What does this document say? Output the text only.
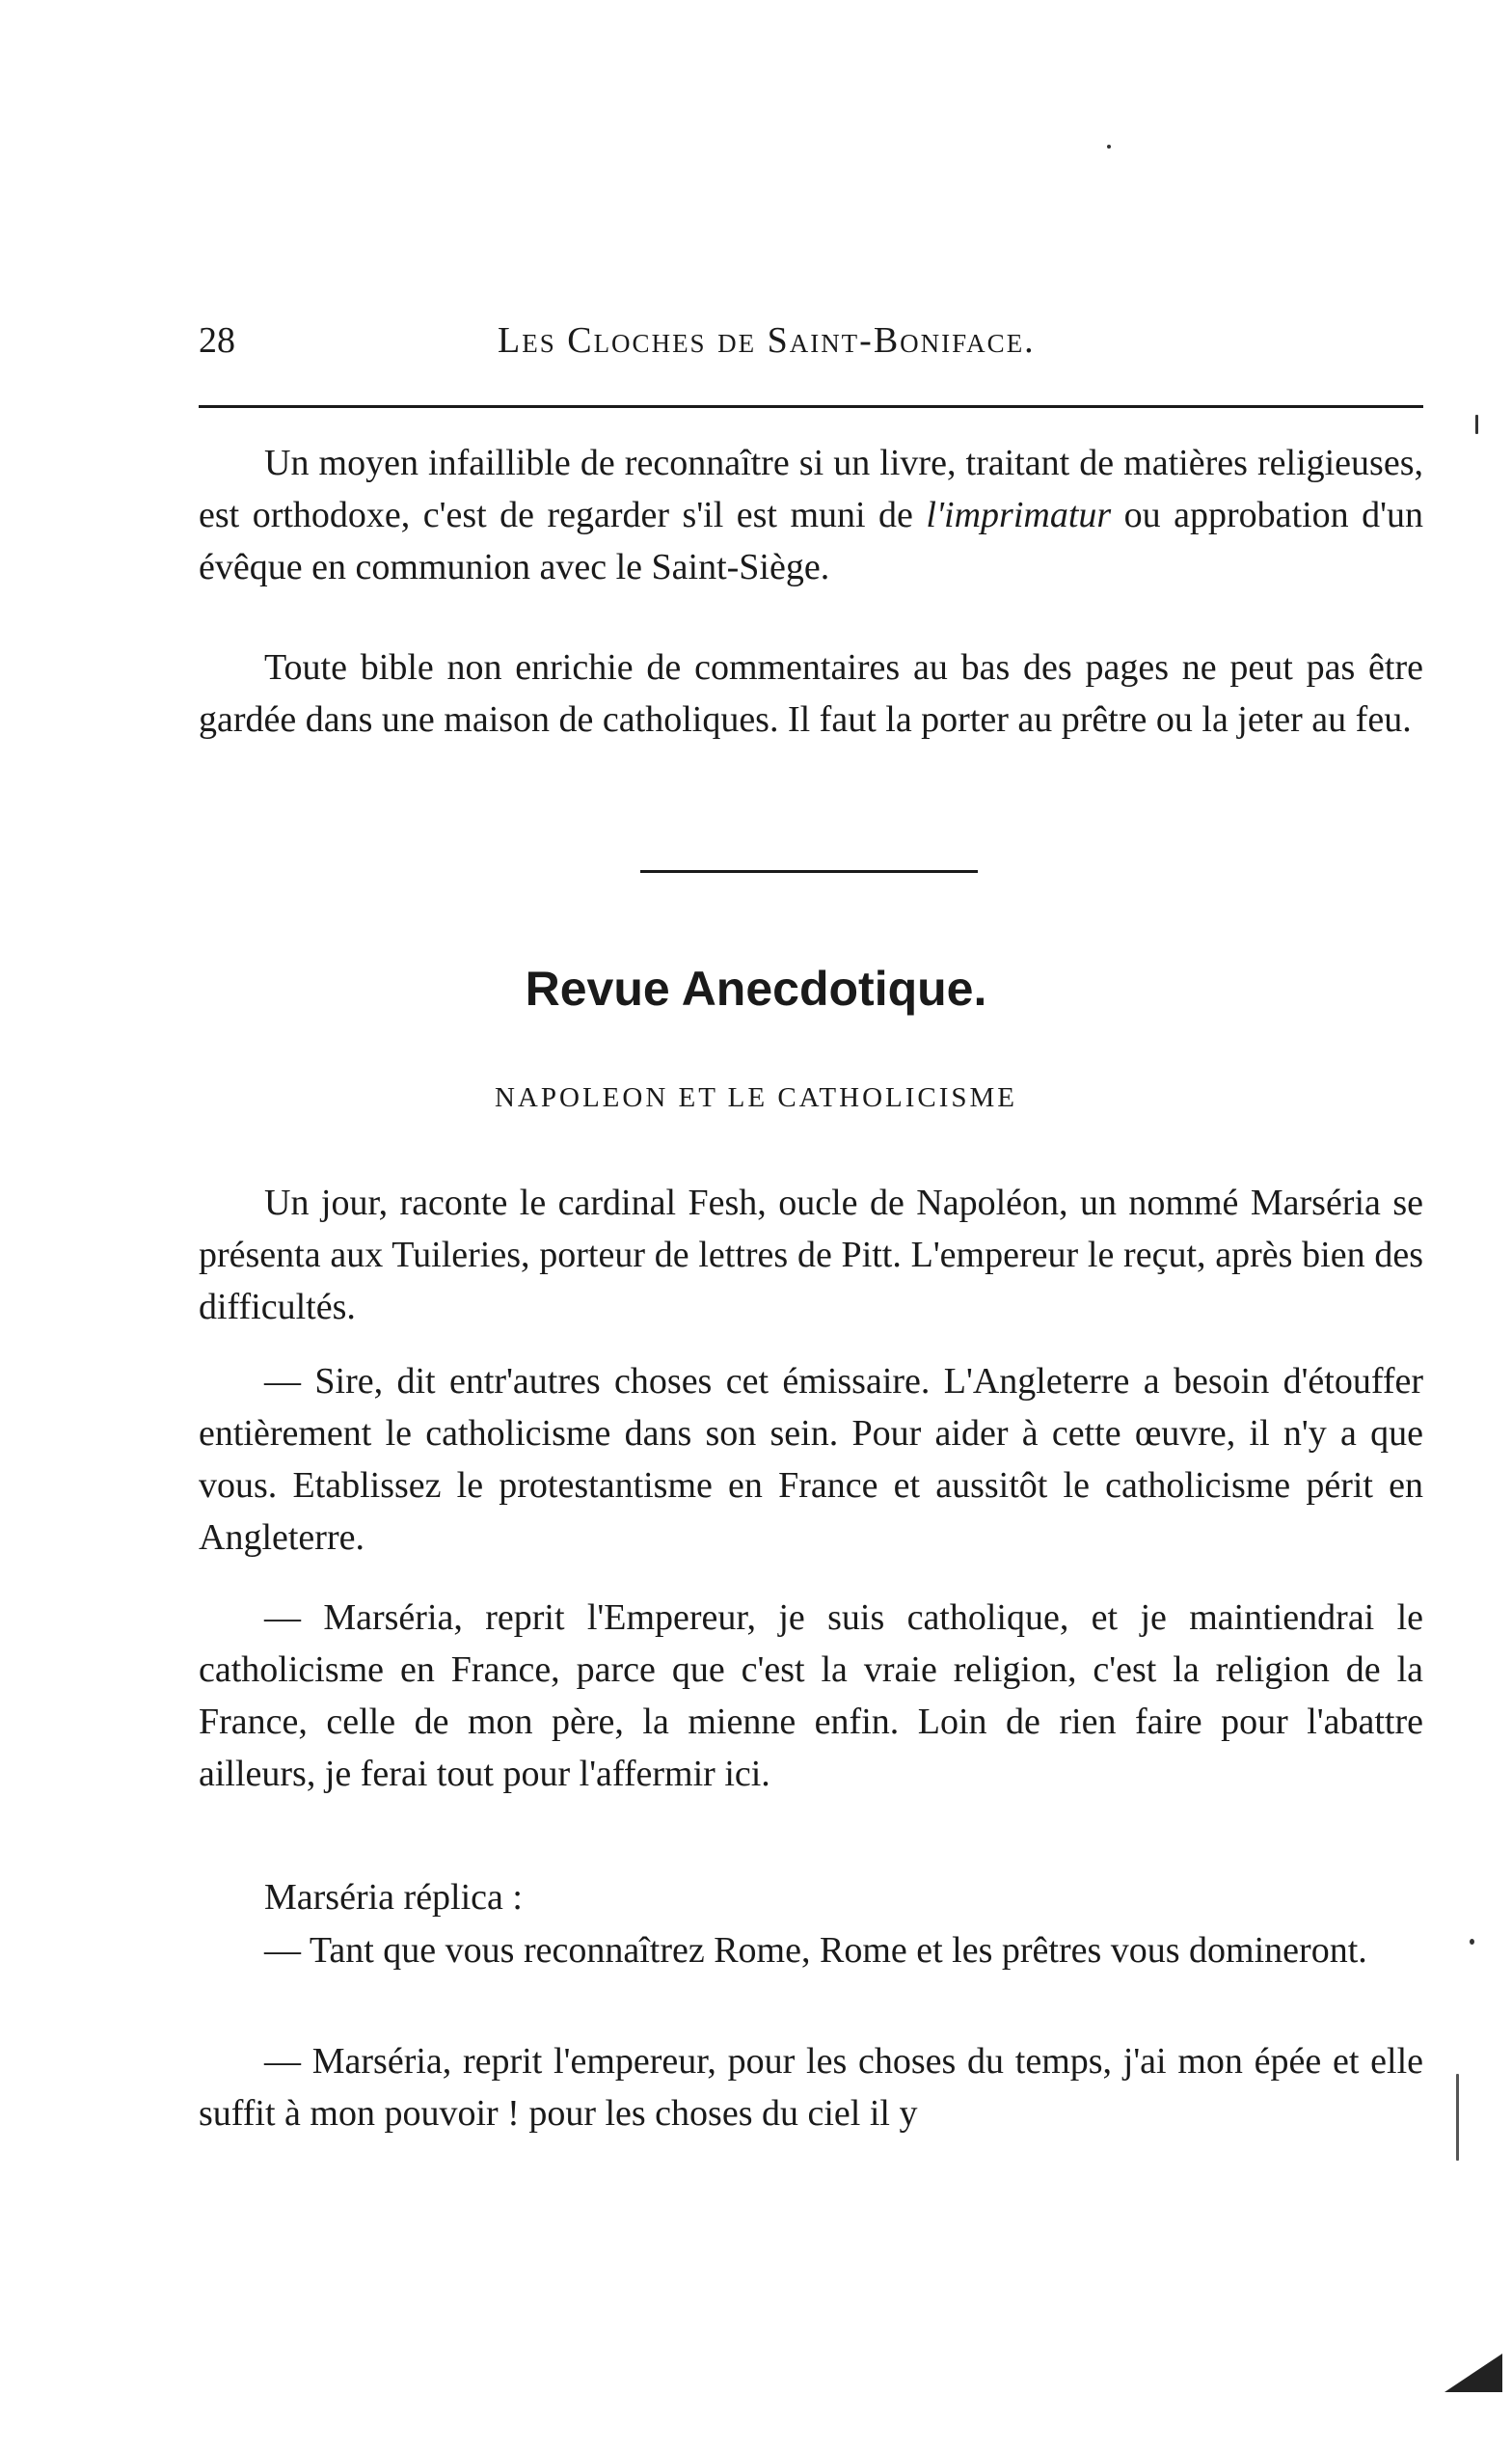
28	Les Cloches de Saint-Boniface.

Un moyen infaillible de reconnaître si un livre, traitant de matières religieuses, est orthodoxe, c'est de regarder s'il est muni de l'imprimatur ou approbation d'un évêque en communion avec le Saint-Siège.

Toute bible non enrichie de commentaires au bas des pages ne peut pas être gardée dans une maison de catholiques. Il faut la porter au prêtre ou la jeter au feu.

Revue Anecdotique.
NAPOLEON ET LE CATHOLICISME

Un jour, raconte le cardinal Fesh, oucle de Napoléon, un nommé Marséria se présenta aux Tuileries, porteur de lettres de Pitt. L'empereur le reçut, après bien des difficultés.

— Sire, dit entr'autres choses cet émissaire. L'Angleterre a besoin d'étouffer entièrement le catholicisme dans son sein. Pour aider à cette œuvre, il n'y a que vous. Etablissez le protestantisme en France et aussitôt le catholicisme périt en Angleterre.

— Marséria, reprit l'Empereur, je suis catholique, et je maintiendrai le catholicisme en France, parce que c'est la vraie religion, c'est la religion de la France, celle de mon père, la mienne enfin. Loin de rien faire pour l'abattre ailleurs, je ferai tout pour l'affermir ici.

Marséria réplica :

— Tant que vous reconnaîtrez Rome, Rome et les prêtres vous domineront.

— Marséria, reprit l'empereur, pour les choses du temps, j'ai mon épée et elle suffit à mon pouvoir ! pour les choses du ciel il y
